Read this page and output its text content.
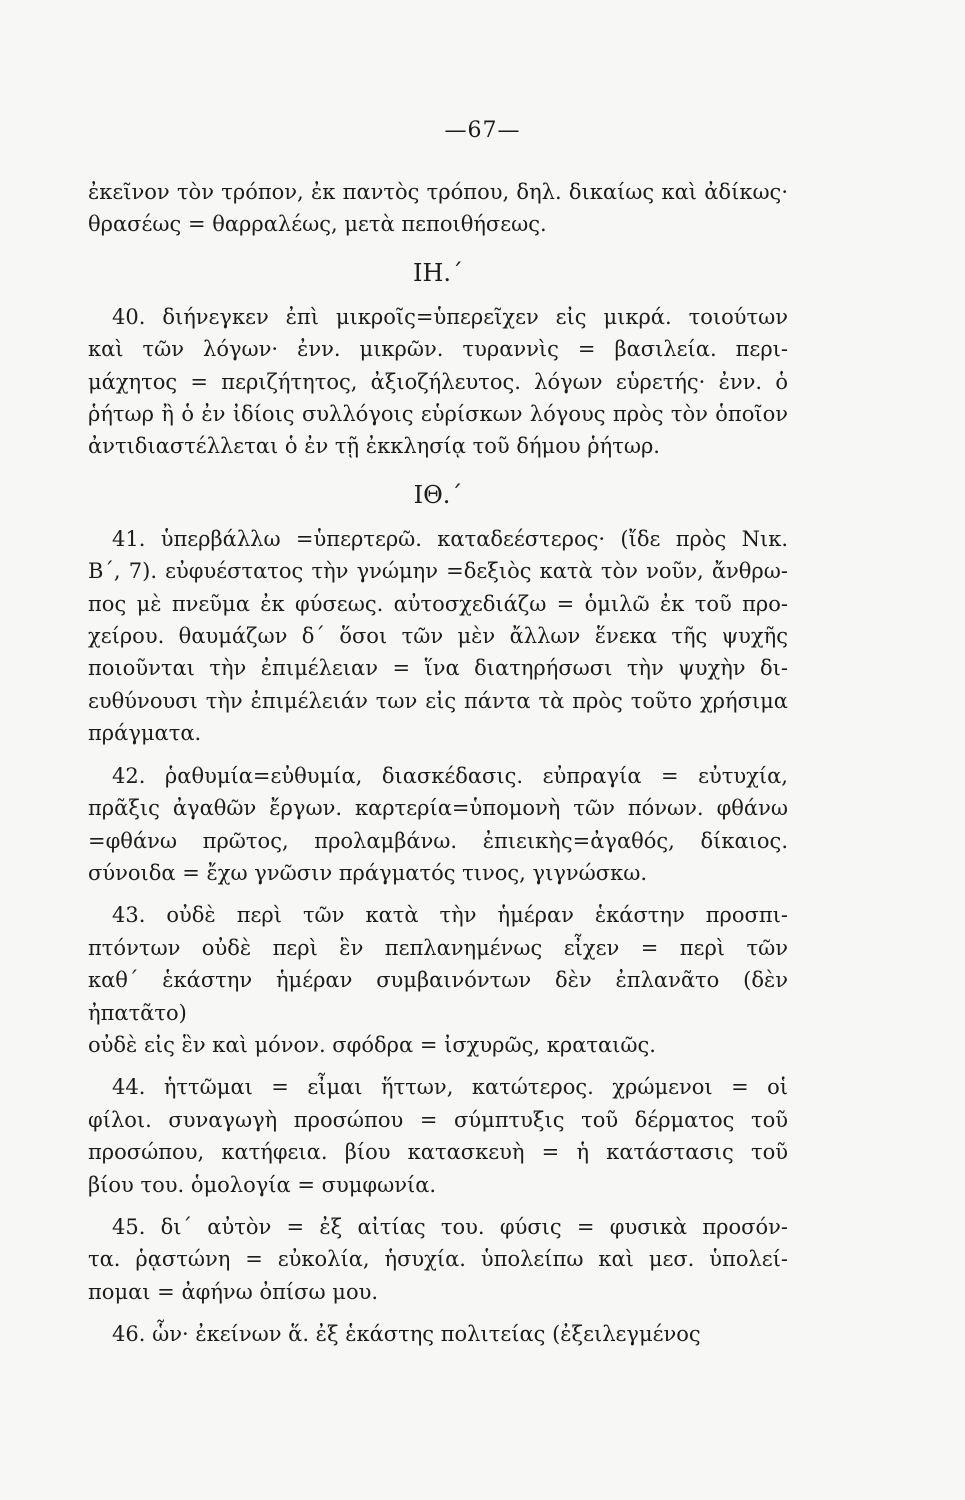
—67—
ἐκεῖνον τὸν τρόπον, ἐκ παντὸς τρόπου, δηλ. δικαίως καὶ ἀδίκως·
θρασέως = θαρραλέως, μετὰ πεποιθήσεως.
ΙΗ.΄
40. διήνεγκεν ἐπὶ μικροῖς=ὑπερεῖχεν εἰς μικρά. τοιούτων
καὶ τῶν λόγων· ἐνν. μικρῶν. τυραννὶς = βασιλεία. περι-
μάχητος = περιζήτητος, ἀξιοζήλευτος. λόγων εὑρετής· ἐνν. ὁ
ῥήτωρ ἢ ὁ ἐν ἰδίοις συλλόγοις εὑρίσκων λόγους πρὸς τὸν ὁποῖον
ἀντιδιαστέλλεται ὁ ἐν τῇ ἐκκλησίᾳ τοῦ δήμου ῥήτωρ.
ΙΘ.΄
41. ὑπερβάλλω =ὑπερτερῶ. καταδεέστερος· (ἴδε πρὸς Νικ.
Β΄, 7). εὐφυέστατος τὴν γνώμην =δεξιὸς κατὰ τὸν νοῦν, ἄνθρω-
πος μὲ πνεῦμα ἐκ φύσεως. αὐτοσχεδιάζω = ὁμιλῶ ἐκ τοῦ προ-
χείρου. θαυμάζων δ΄ ὅσοι τῶν μὲν ἄλλων ἕνεκα τῆς ψυχῆς
ποιοῦνται τὴν ἐπιμέλειαν = ἵνα διατηρήσωσι τὴν ψυχὴν δι-
ευθύνουσι τὴν ἐπιμέλειάν των εἰς πάντα τὰ πρὸς τοῦτο χρήσιμα
πράγματα.
42. ῥαθυμία=εὐθυμία, διασκέδασις. εὐπραγία = εὐτυχία,
πρᾶξις ἀγαθῶν ἔργων. καρτερία=ὑπομονὴ τῶν πόνων. φθάνω
=φθάνω πρῶτος, προλαμβάνω. ἐπιεικὴς=ἀγαθός, δίκαιος.
σύνοιδα = ἔχω γνῶσιν πράγματός τινος, γιγνώσκω.
43. οὐδὲ περὶ τῶν κατὰ τὴν ἡμέραν ἑκάστην προσπι-
πτόντων οὐδὲ περὶ ἓν πεπλανημένως εἶχεν = περὶ τῶν
καθ΄ ἑκάστην ἡμέραν συμβαινόντων δὲν ἐπλανᾶτο (δὲν ἠπατᾶτο)
οὐδὲ εἰς ἓν καὶ μόνον. σφόδρα = ἰσχυρῶς, κραταιῶς.
44. ἡττῶμαι = εἶμαι ἥττων, κατώτερος. χρώμενοι = οἱ
φίλοι. συναγωγὴ προσώπου = σύμπτυξις τοῦ δέρματος τοῦ
προσώπου, κατήφεια. βίου κατασκευὴ = ἡ κατάστασις τοῦ
βίου του. ὁμολογία = συμφωνία.
45. δι΄ αὐτὸν = ἐξ αἰτίας του. φύσις = φυσικὰ προσόν-
τα. ῥᾳστώνη = εὐκολία, ἡσυχία. ὑπολείπω καὶ μεσ. ὑπολεί-
πομαι = ἀφήνω ὀπίσω μου.
46. ὧν· ἐκείνων ἅ. ἐξ ἑκάστης πολιτείας (ἐξειλεγμένος
